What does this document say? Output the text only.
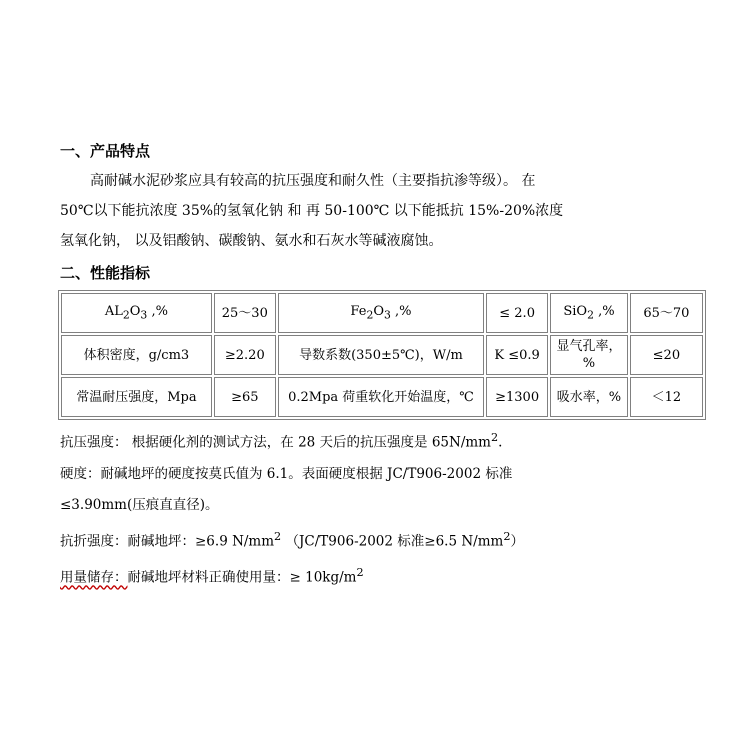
一、产品特点

高耐碱水泥砂浆应具有较高的抗压强度和耐久性（主要指抗渗等级）。 在

50℃以下能抗浓度 35%的氢氧化钠 和 再 50-100℃ 以下能抵抗 15%-20%浓度

氢氧化钠， 以及铝酸钠、碳酸钠、氨水和石灰水等碱液腐蚀。

二、性能指标

$AL_2O_3$ ,%	25～30	$Fe_2O_3$ ,%	≤ 2.0	SiO$_2$ ,%	65～70
体积密度，g/cm3	≥2.20	导数系数(350±5℃)，W/m	K ≤0.9	显气孔率，%	≤20
常温耐压强度，Mpa	≥65	0.2Mpa 荷重软化开始温度，℃	≥1300	吸水率，%	＜12

抗压强度： 根据硬化剂的测试方法，在 28 天后的抗压强度是 $65N/mm^2$.

硬度：耐碱地坪的硬度按莫氏值为 6.1。表面硬度根据 JC/T906-2002 标准

≤3.90mm(压痕直直径)。

抗折强度：耐碱地坪：≥6.9 $N/mm^2$ （JC/T906-2002 标准≥6.5 $N/mm^2$）

用量储存：耐碱地坪材料正确使用量：≥ $10kg/m^2$
